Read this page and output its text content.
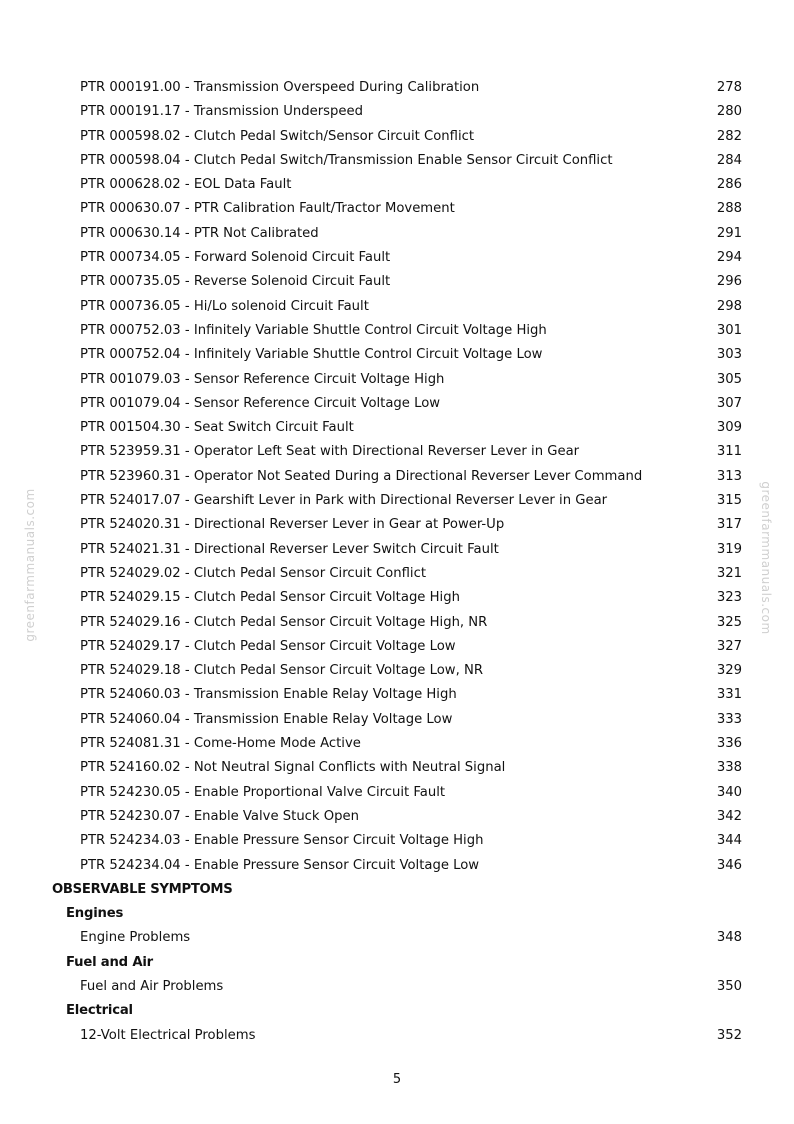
greenfarmmanuals.com	greenfarmmanuals.com
PTR 000191.00 - Transmission Overspeed During Calibration	278
PTR 000191.17 - Transmission Underspeed	280
PTR 000598.02 - Clutch Pedal Switch/Sensor Circuit Conflict	282
PTR 000598.04 - Clutch Pedal Switch/Transmission Enable Sensor Circuit Conflict	284
PTR 000628.02 - EOL Data Fault	286
PTR 000630.07 - PTR Calibration Fault/Tractor Movement	288
PTR 000630.14 - PTR Not Calibrated	291
PTR 000734.05 - Forward Solenoid Circuit Fault	294
PTR 000735.05 - Reverse Solenoid Circuit Fault	296
PTR 000736.05 - Hi/Lo solenoid Circuit Fault	298
PTR 000752.03 - Infinitely Variable Shuttle Control Circuit Voltage High	301
PTR 000752.04 - Infinitely Variable Shuttle Control Circuit Voltage Low	303
PTR 001079.03 - Sensor Reference Circuit Voltage High	305
PTR 001079.04 - Sensor Reference Circuit Voltage Low	307
PTR 001504.30 - Seat Switch Circuit Fault	309
PTR 523959.31 - Operator Left Seat with Directional Reverser Lever in Gear	311
PTR 523960.31 - Operator Not Seated During a Directional Reverser Lever Command	313
PTR 524017.07 - Gearshift Lever in Park with Directional Reverser Lever in Gear	315
PTR 524020.31 - Directional Reverser Lever in Gear at Power-Up	317
PTR 524021.31 - Directional Reverser Lever Switch Circuit Fault	319
PTR 524029.02 - Clutch Pedal Sensor Circuit Conflict	321
PTR 524029.15 - Clutch Pedal Sensor Circuit Voltage High	323
PTR 524029.16 - Clutch Pedal Sensor Circuit Voltage High, NR	325
PTR 524029.17 - Clutch Pedal Sensor Circuit Voltage Low	327
PTR 524029.18 - Clutch Pedal Sensor Circuit Voltage Low, NR	329
PTR 524060.03 - Transmission Enable Relay Voltage High	331
PTR 524060.04 - Transmission Enable Relay Voltage Low	333
PTR 524081.31 - Come-Home Mode Active	336
PTR 524160.02 - Not Neutral Signal Conflicts with Neutral Signal	338
PTR 524230.05 - Enable Proportional Valve Circuit Fault	340
PTR 524230.07 - Enable Valve Stuck Open	342
PTR 524234.03 - Enable Pressure Sensor Circuit Voltage High	344
PTR 524234.04 - Enable Pressure Sensor Circuit Voltage Low	346
OBSERVABLE SYMPTOMS
Engines
Engine Problems	348
Fuel and Air
Fuel and Air Problems	350
Electrical
12-Volt Electrical Problems	352
5
